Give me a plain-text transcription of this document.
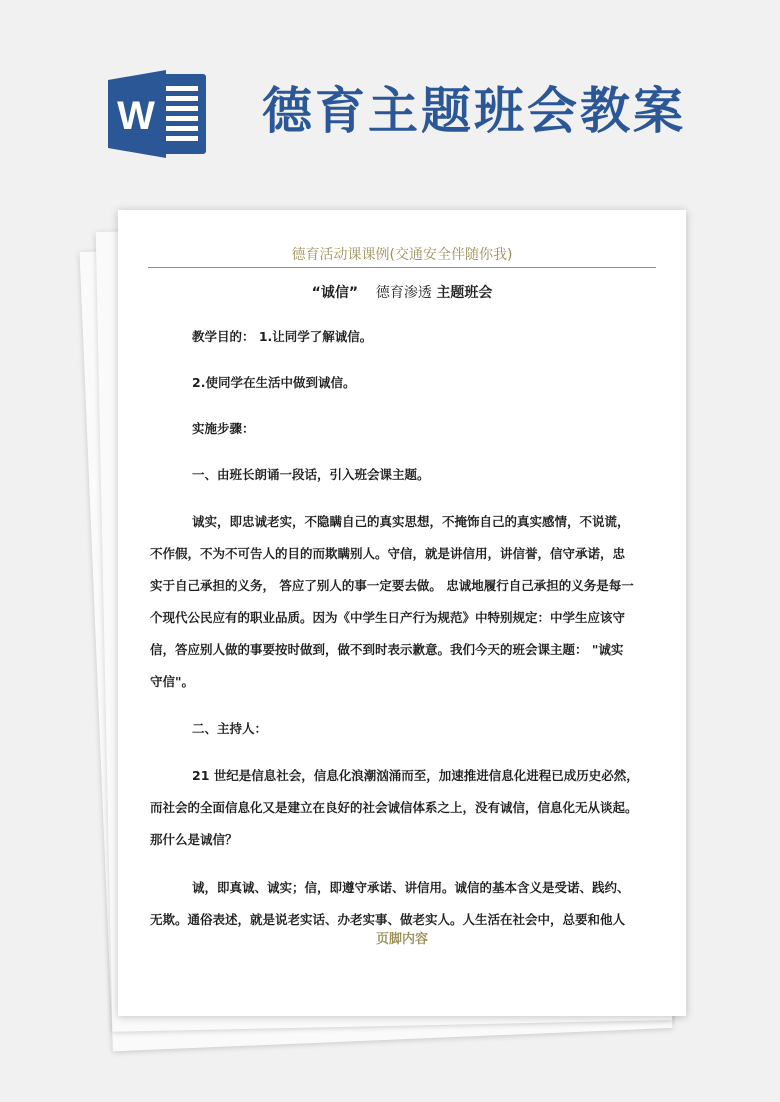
W 德育主题班会教案
德育活动课课例(交通安全伴随你我)
“诚信” 德育渗透 主题班会

教学目的： 1.让同学了解诚信。

2.使同学在生活中做到诚信。

实施步骤：

一、由班长朗诵一段话，引入班会课主题。

诚实，即忠诚老实，不隐瞒自己的真实思想，不掩饰自己的真实感情，不说谎，
不作假，不为不可告人的目的而欺瞒别人。守信，就是讲信用，讲信誉，信守承诺，忠
实于自己承担的义务， 答应了别人的事一定要去做。 忠诚地履行自己承担的义务是每一
个现代公民应有的职业品质。因为《中学生日产行为规范》中特别规定：中学生应该守
信，答应别人做的事要按时做到，做不到时表示歉意。我们今天的班会课主题： "诚实
守信"。

二、主持人：

21 世纪是信息社会，信息化浪潮汹涌而至，加速推进信息化进程已成历史必然，
而社会的全面信息化又是建立在良好的社会诚信体系之上，没有诚信，信息化无从谈起。
那什么是诚信？

诚，即真诚、诚实；信，即遵守承诺、讲信用。诚信的基本含义是受诺、践约、
无欺。通俗表述，就是说老实话、办老实事、做老实人。人生活在社会中，总要和他人

页脚内容
